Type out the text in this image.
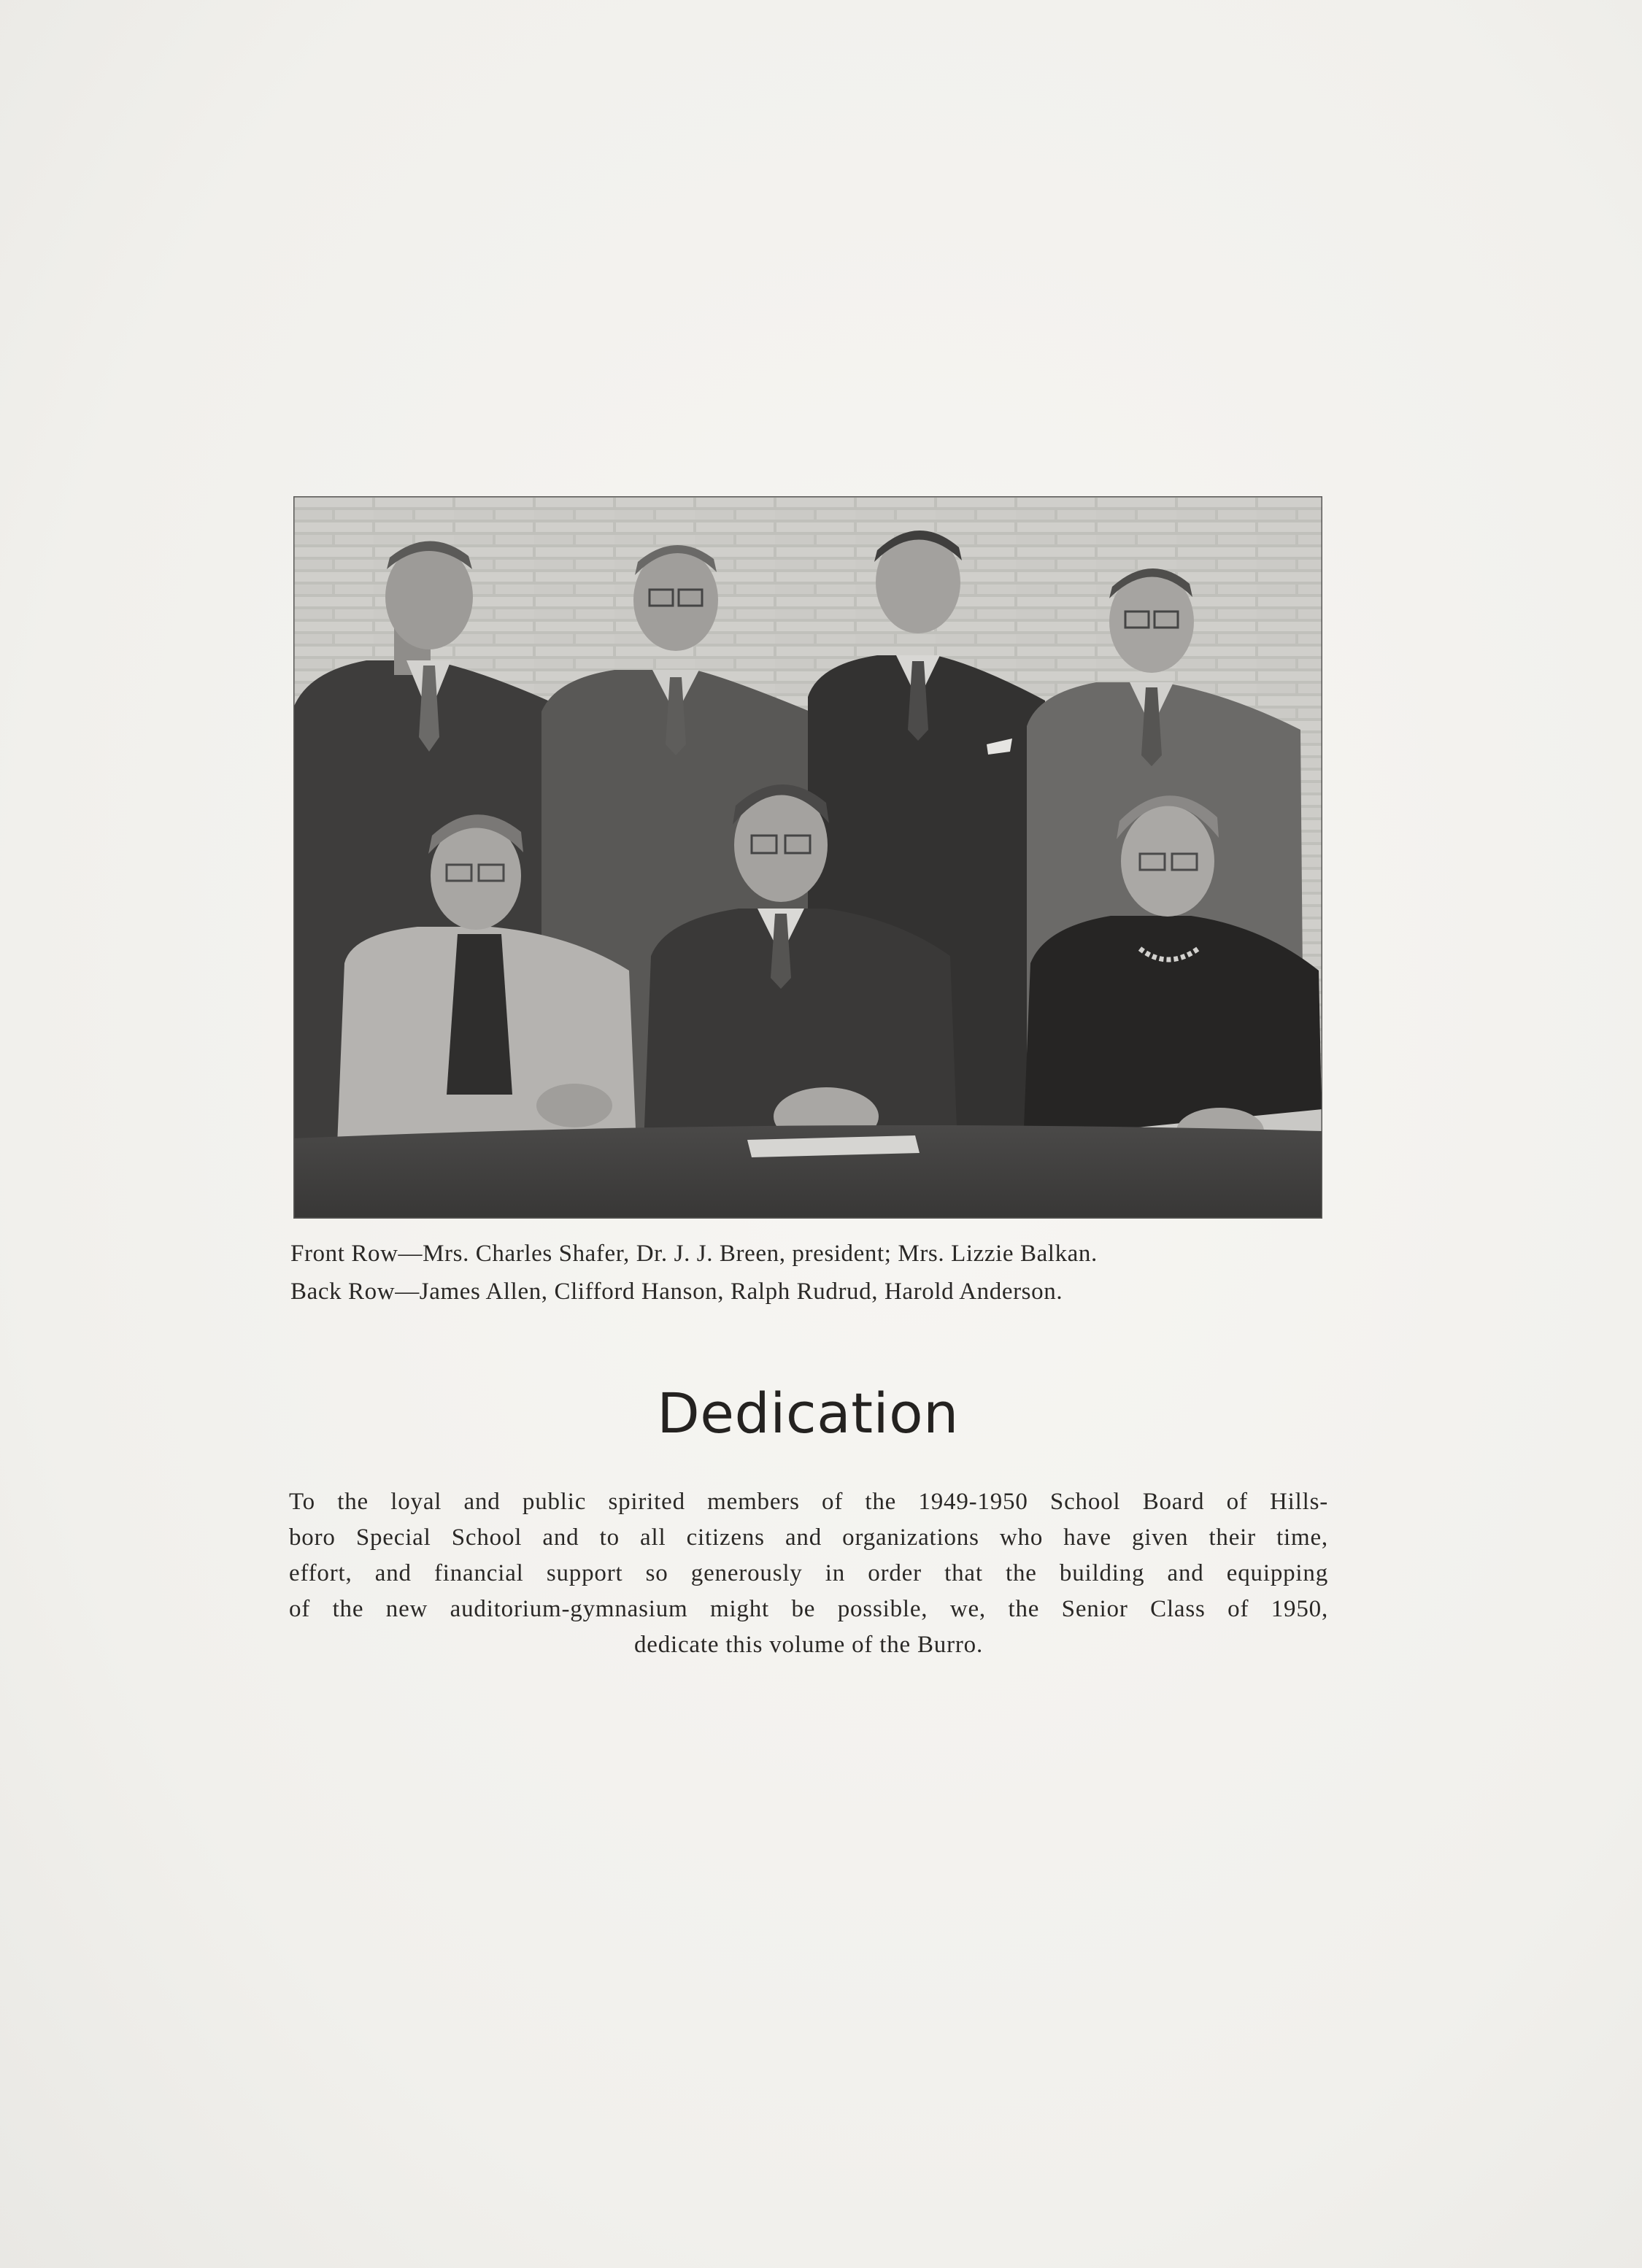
Front Row—Mrs. Charles Shafer, Dr. J. J. Breen, president; Mrs. Lizzie Balkan.
Back Row—James Allen, Clifford Hanson, Ralph Rudrud, Harold Anderson.

Dedication

To the loyal and public spirited members of the 1949-1950 School Board of Hills-
boro Special School and to all citizens and organizations who have given their time,
effort, and financial support so generously in order that the building and equipping
of the new auditorium-gymnasium might be possible, we, the Senior Class of 1950,
dedicate this volume of the Burro.
